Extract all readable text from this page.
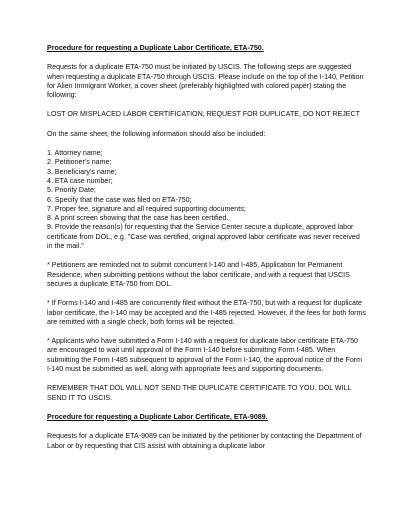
Procedure for requesting a Duplicate Labor Certificate, ETA-750.

Requests for a duplicate ETA-750 must be initiated by USCIS. The following steps are suggested when requesting a duplicate ETA-750 through USCIS. Please include on the top of the I-140, Petition for Alien Immigrant Worker, a cover sheet (preferably highlighted with colored paper) stating the following:

LOST OR MISPLACED LABOR CERTIFICATION, REQUEST FOR DUPLICATE, DO NOT REJECT

On the same sheet, the following information should also be included:

1. Attorney name;

2. Petitioner's name;

3. Beneficiary's name;

4. ETA case number;

5. Priority Date;

6. Specify that the case was filed on ETA-750;

7. Proper fee, signature and all required supporting documents;

8. A print screen showing that the case has been certified.

9. Provide the reason(s) for requesting that the Service Center secure a duplicate, approved labor certificate from DOL, e.g. "Case was certified, original approved labor certificate was never received in the mail."

* Petitioners are reminded not to submit concurrent I-140 and I-485, Application for Permanent Residence, when submitting petitions without the labor certificate, and with a request that USCIS secures a duplicate ETA-750 from DOL.

* If Forms I-140 and I-485 are concurrently filed without the ETA-750, but with a request for duplicate labor certificate, the I-140 may be accepted and the I-485 rejected. However, if the fees for both forms are remitted with a single check, both forms will be rejected.

* Applicants who have submitted a Form I-140 with a request for duplicate labor certificate ETA-750 are encouraged to wait until approval of the Form I-140 before submitting Form I-485. When submitting the Form I-485 subsequent to approval of the Form I-140, the approval notice of the Form I-140 must be submitted as well, along with appropriate fees and supporting documents.

REMEMBER THAT DOL WILL NOT SEND THE DUPLICATE CERTIFICATE TO YOU. DOL WILL SEND IT TO USCIS.

Procedure for requesting a Duplicate Labor Certificate, ETA-9089.

Requests for a duplicate ETA-9089 can be initiated by the petitioner by contacting the Department of Labor or by requesting that CIS assist with obtaining a duplicate labor
